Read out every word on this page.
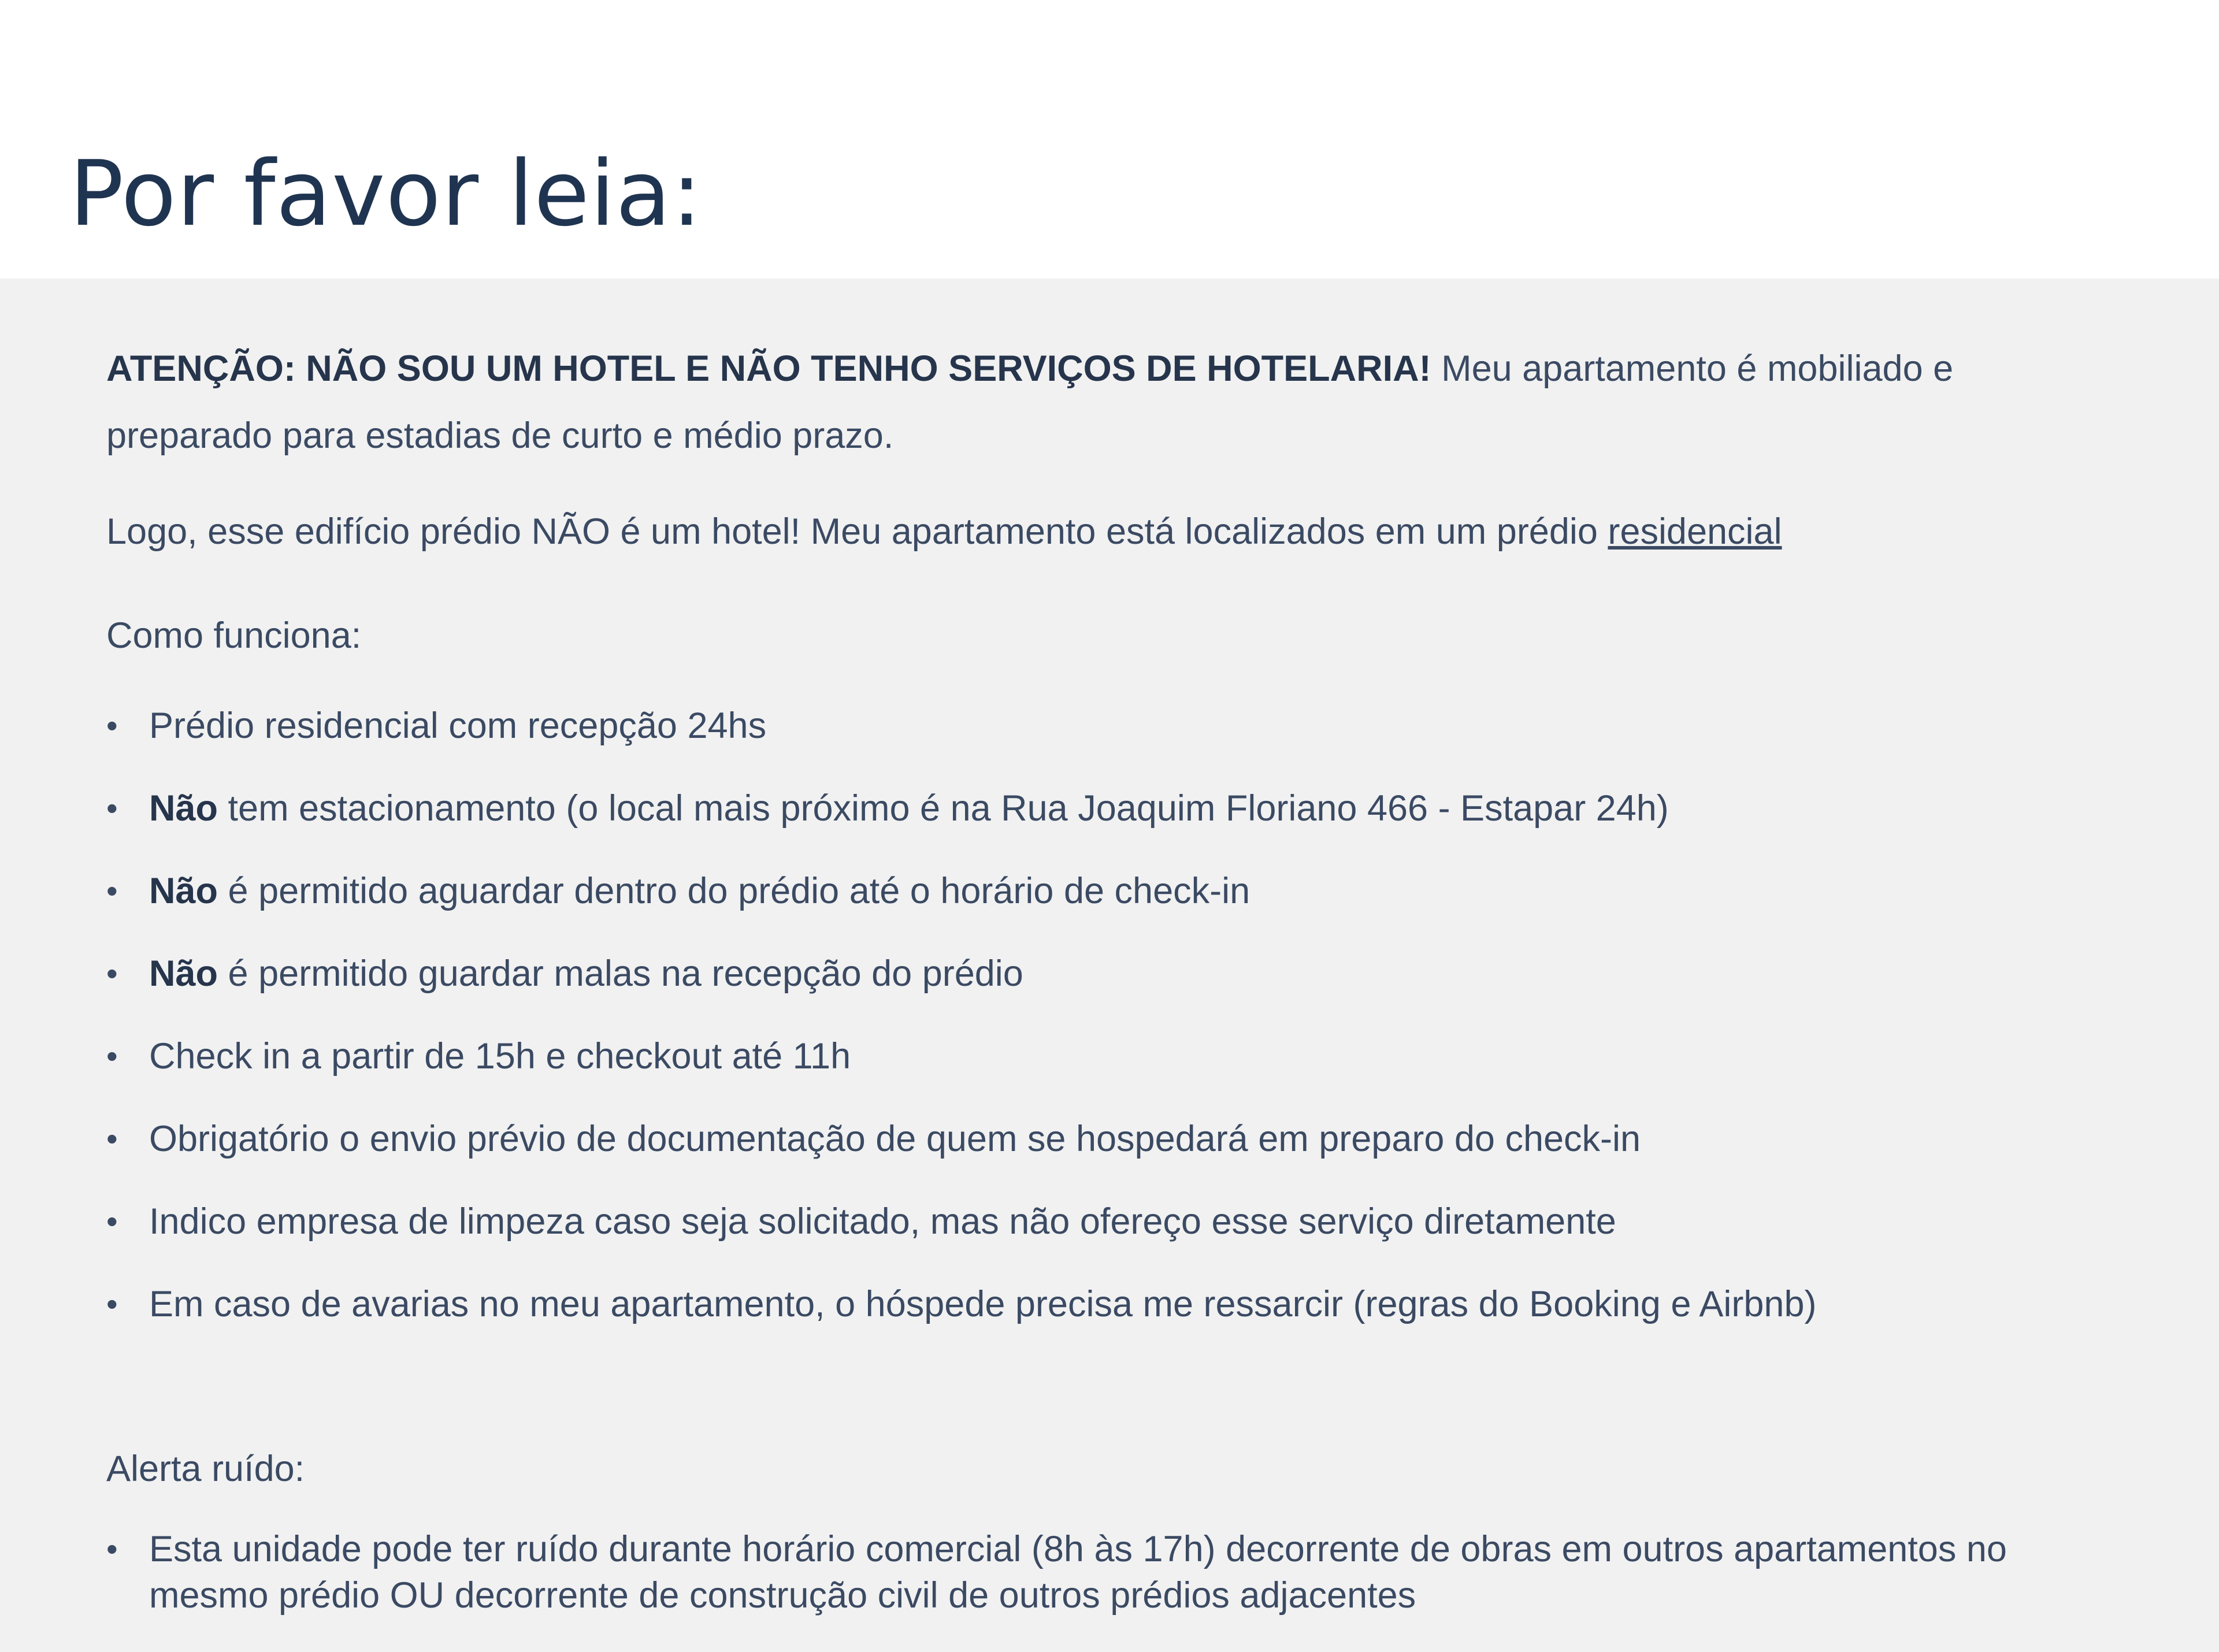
Por favor leia:

ATENÇÃO: NÃO SOU UM HOTEL E NÃO TENHO SERVIÇOS DE HOTELARIA! Meu apartamento é mobiliado e preparado para estadias de curto e médio prazo.

Logo, esse edifício prédio NÃO é um hotel! Meu apartamento está localizados em um prédio residencial

Como funciona:

• Prédio residencial com recepção 24hs
• Não tem estacionamento (o local mais próximo é na Rua Joaquim Floriano 466 - Estapar 24h)
• Não é permitido aguardar dentro do prédio até o horário de check-in
• Não é permitido guardar malas na recepção do prédio
• Check in a partir de 15h e checkout até 11h
• Obrigatório o envio prévio de documentação de quem se hospedará em preparo do check-in
• Indico empresa de limpeza caso seja solicitado, mas não ofereço esse serviço diretamente
• Em caso de avarias no meu apartamento, o hóspede precisa me ressarcir (regras do Booking e Airbnb)

Alerta ruído:

• Esta unidade pode ter ruído durante horário comercial (8h às 17h) decorrente de obras em outros apartamentos no mesmo prédio OU decorrente de construção civil de outros prédios adjacentes
